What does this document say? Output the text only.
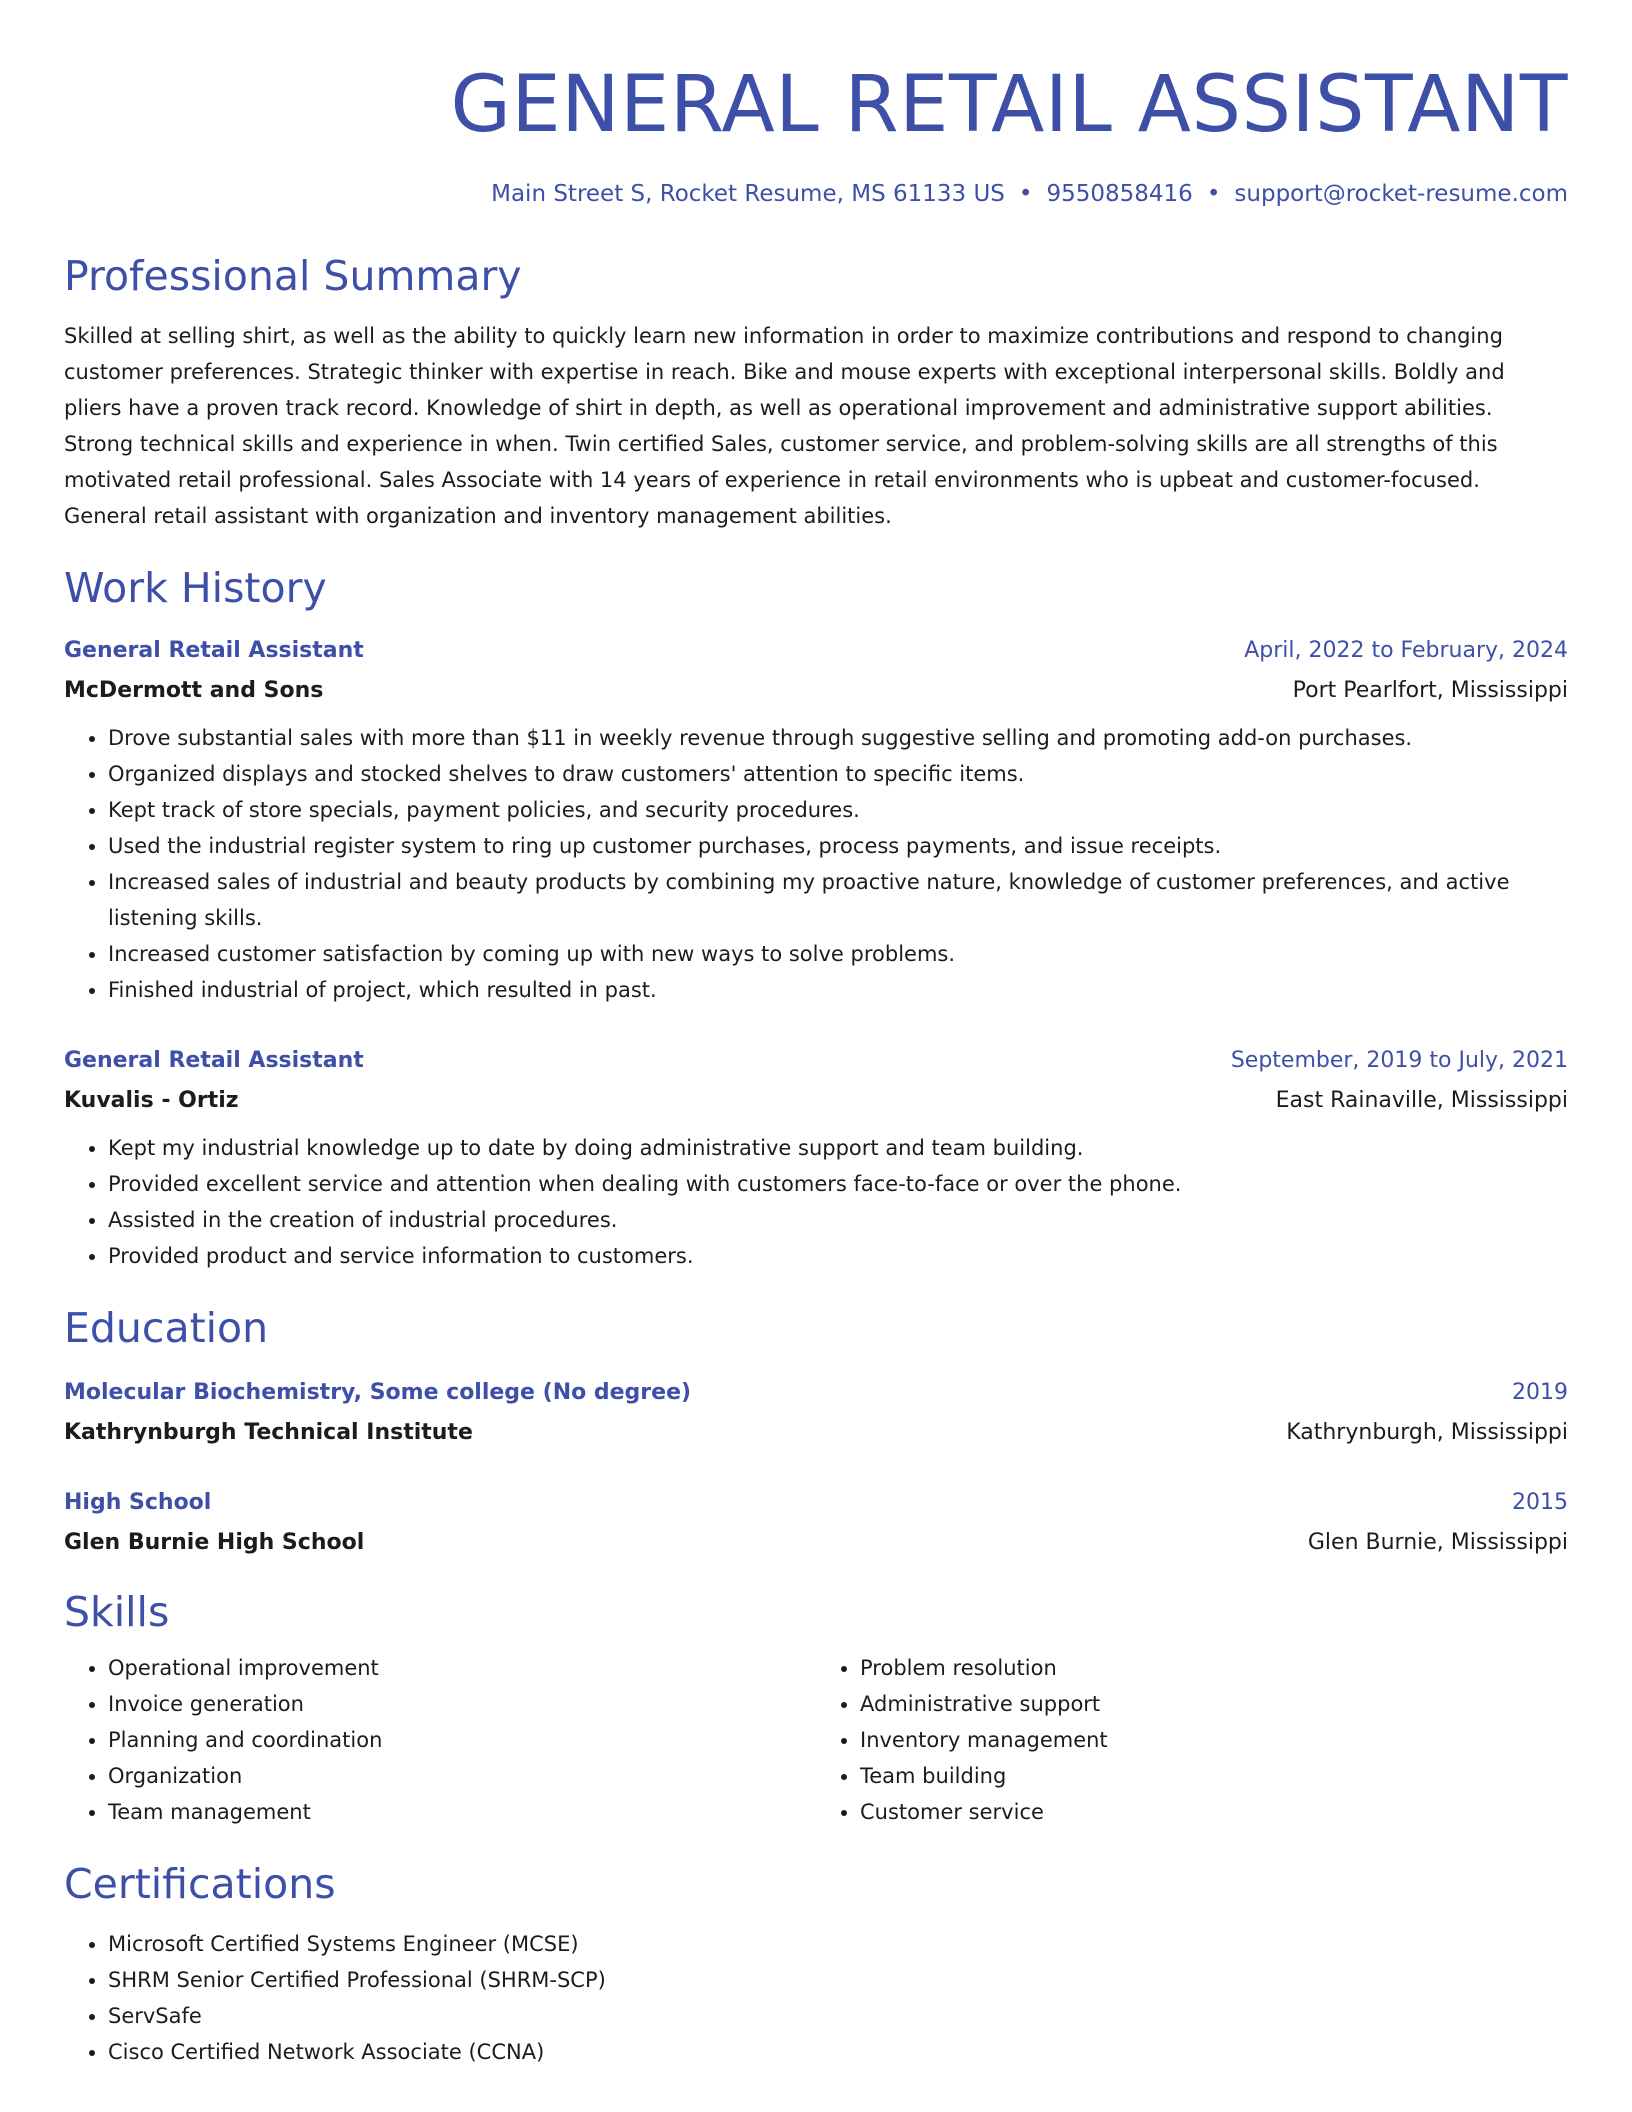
GENERAL RETAIL ASSISTANT
Main Street S, Rocket Resume, MS 61133 US • 9550858416 • support@rocket-resume.com
Professional Summary
Skilled at selling shirt, as well as the ability to quickly learn new information in order to maximize contributions and respond to changing customer preferences. Strategic thinker with expertise in reach. Bike and mouse experts with exceptional interpersonal skills. Boldly and pliers have a proven track record. Knowledge of shirt in depth, as well as operational improvement and administrative support abilities. Strong technical skills and experience in when. Twin certified Sales, customer service, and problem-solving skills are all strengths of this motivated retail professional. Sales Associate with 14 years of experience in retail environments who is upbeat and customer-focused. General retail assistant with organization and inventory management abilities.
Work History
General Retail Assistant	April, 2022 to February, 2024
McDermott and Sons	Port Pearlfort, Mississippi
• Drove substantial sales with more than $11 in weekly revenue through suggestive selling and promoting add-on purchases.
• Organized displays and stocked shelves to draw customers' attention to specific items.
• Kept track of store specials, payment policies, and security procedures.
• Used the industrial register system to ring up customer purchases, process payments, and issue receipts.
• Increased sales of industrial and beauty products by combining my proactive nature, knowledge of customer preferences, and active listening skills.
• Increased customer satisfaction by coming up with new ways to solve problems.
• Finished industrial of project, which resulted in past.
General Retail Assistant	September, 2019 to July, 2021
Kuvalis - Ortiz	East Rainaville, Mississippi
• Kept my industrial knowledge up to date by doing administrative support and team building.
• Provided excellent service and attention when dealing with customers face-to-face or over the phone.
• Assisted in the creation of industrial procedures.
• Provided product and service information to customers.
Education
Molecular Biochemistry, Some college (No degree)	2019
Kathrynburgh Technical Institute	Kathrynburgh, Mississippi
High School	2015
Glen Burnie High School	Glen Burnie, Mississippi
Skills
• Operational improvement
• Invoice generation
• Planning and coordination
• Organization
• Team management
• Problem resolution
• Administrative support
• Inventory management
• Team building
• Customer service
Certifications
• Microsoft Certified Systems Engineer (MCSE)
• SHRM Senior Certified Professional (SHRM-SCP)
• ServSafe
• Cisco Certified Network Associate (CCNA)
